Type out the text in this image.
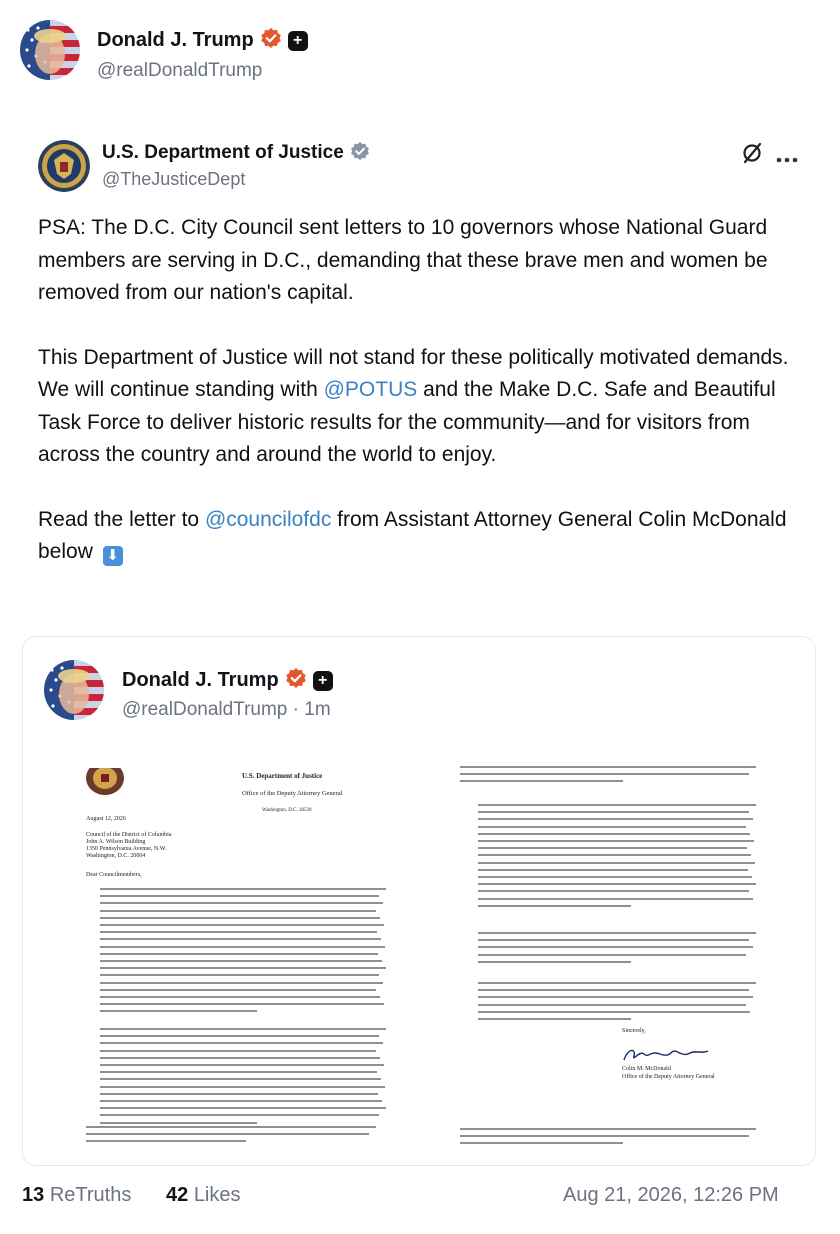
Donald J. Trump +
@realDonaldTrump
U.S. Department of Justice
@TheJusticeDept

PSA: The D.C. City Council sent letters to 10 governors whose National Guard members are serving in D.C., demanding that these brave men and women be removed from our nation's capital.

This Department of Justice will not stand for these politically motivated demands. We will continue standing with @POTUS and the Make D.C. Safe and Beautiful Task Force to deliver historic results for the community—and for visitors from across the country and around the world to enjoy.

Read the letter to @councilofdc from Assistant Attorney General Colin McDonald below ⬇

Donald J. Trump +
@realDonaldTrump · 1m
U.S. Department of Justice
Office of the Deputy Attorney General
Washington, D.C. 20530
August 12, 2026
Council of the District of Columbia
John A. Wilson Building
1350 Pennsylvania Avenue, N.W.
Washington, D.C. 20004
Dear Councilmembers,
Sincerely,
Colin M. McDonald
Office of the Deputy Attorney General
13 ReTruths 42 Likes	Aug 21, 2026, 12:26 PM
